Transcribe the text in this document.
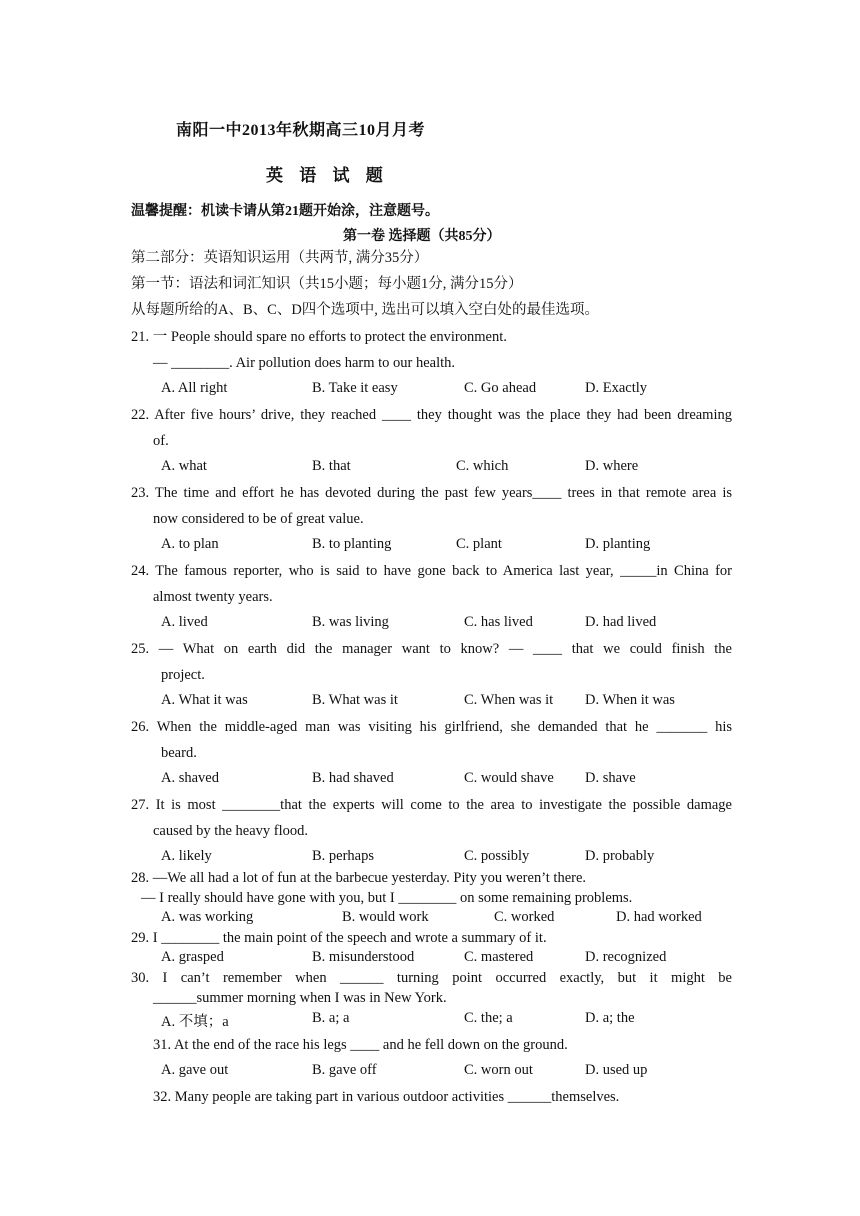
南阳一中2013年秋期高三10月月考
英 语 试 题
温馨提醒：机读卡请从第21题开始涂，注意题号。
第一卷 选择题（共85分）
第二部分：英语知识运用（共两节, 满分35分）
第一节：语法和词汇知识（共15小题；每小题1分, 满分15分）
从每题所给的A、B、C、D四个选项中, 选出可以填入空白处的最佳选项。
21. 一 People should spare no efforts to protect the environment.
— ________. Air pollution does harm to our health.
A. All right	B. Take it easy	C. Go ahead	D. Exactly
22. After five hours’ drive, they reached ____ they thought was the place they had been dreaming
of.
A. what	B. that	C. which	D. where
23. The time and effort he has devoted during the past few years____ trees in that remote area is
now considered to be of great value.
A. to plan	B. to planting	C. plant	D. planting
24. The famous reporter, who is said to have gone back to America last year, _____in China for
almost twenty years.
A. lived	B. was living	C. has lived	D. had lived
25. — What on earth did the manager want to know? — ____ that we could finish the
project.
A. What it was	B. What was it	C. When was it D. When it was
26. When the middle-aged man was visiting his girlfriend, she demanded that he _______ his
beard.
A. shaved	B. had shaved	C. would shave D. shave
27. It is most ________that the experts will come to the area to investigate the possible damage
caused by the heavy flood.
A. likely	B. perhaps	C. possibly	D. probably
28. —We all had a lot of fun at the barbecue yesterday. Pity you weren’t there.
— I really should have gone with you, but I ________ on some remaining problems.
A. was working	B. would work	C. worked	D. had worked
29. I ________ the main point of the speech and wrote a summary of it.
A. grasped	B. misunderstood	C. mastered	D. recognized
30. I can’t remember when ______ turning point occurred exactly, but it might be
______summer morning when I was in New York.
A. 不填；a	B. a; a	C. the; a	D. a; the
31. At the end of the race his legs ____ and he fell down on the ground.
A. gave out	B. gave off	C. worn out	D. used up
32. Many people are taking part in various outdoor activities ______themselves.
